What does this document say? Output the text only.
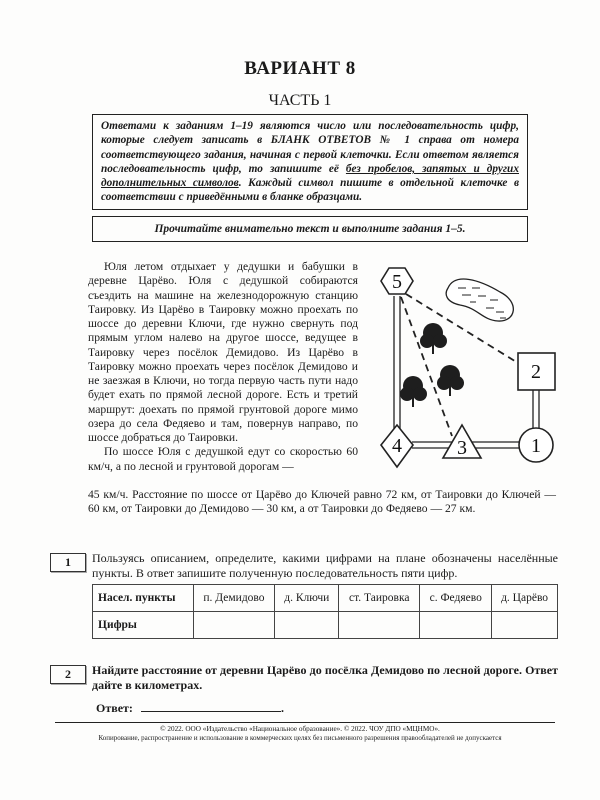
ВАРИАНТ 8
ЧАСТЬ 1
Ответами к заданиям 1–19 являются число или последовательность цифр, которые следует записать в БЛАНК ОТВЕТОВ № 1 справа от номера соответствующего задания, начиная с первой клеточки. Если ответом является последовательность цифр, то запишите её без пробелов, запятых и других дополнительных символов. Каждый символ пишите в отдельной клеточке в соответствии с приведёнными в бланке образцами.
Прочитайте внимательно текст и выполните задания 1–5.

Юля летом отдыхает у дедушки и бабушки в деревне Царёво. Юля с дедушкой собираются съездить на машине на железнодорожную станцию Таировку. Из Царёво в Таировку можно проехать по шоссе до деревни Ключи, где нужно свернуть под прямым углом налево на другое шоссе, ведущее в Таировку через посёлок Демидово. Из Царёво в Таировку можно проехать через посёлок Демидово и не заезжая в Ключи, но тогда первую часть пути надо будет ехать по прямой лесной дороге. Есть и третий маршрут: доехать по прямой грунтовой дороге мимо озера до села Федяево и там, повернув направо, по шоссе добраться до Таировки.

По шоссе Юля с дедушкой едут со скоростью 60 км/ч, а по лесной и грунтовой дорогам —

45 км/ч. Расстояние по шоссе от Царёво до Ключей равно 72 км, от Таировки до Ключей — 60 км, от Таировки до Демидово — 30 км, а от Таировки до Федяево — 27 км.
5
2
1
3
4
1	Пользуясь описанием, определите, какими цифрами на плане обозначены населённые пункты. В ответ запишите полученную последовательность пяти цифр.
Насел. пункты	п. Демидово	д. Ключи	ст. Таировка	с. Федяево	д. Царёво
Цифры					
2	Найдите расстояние от деревни Царёво до посёлка Демидово по лесной дороге. Ответ дайте в километрах.
Ответ:	.
© 2022. ООО «Издательство «Национальное образование». © 2022. ЧОУ ДПО «МЦНМО».
Копирование, распространение и использование в коммерческих целях без письменного разрешения правообладателей не допускается
